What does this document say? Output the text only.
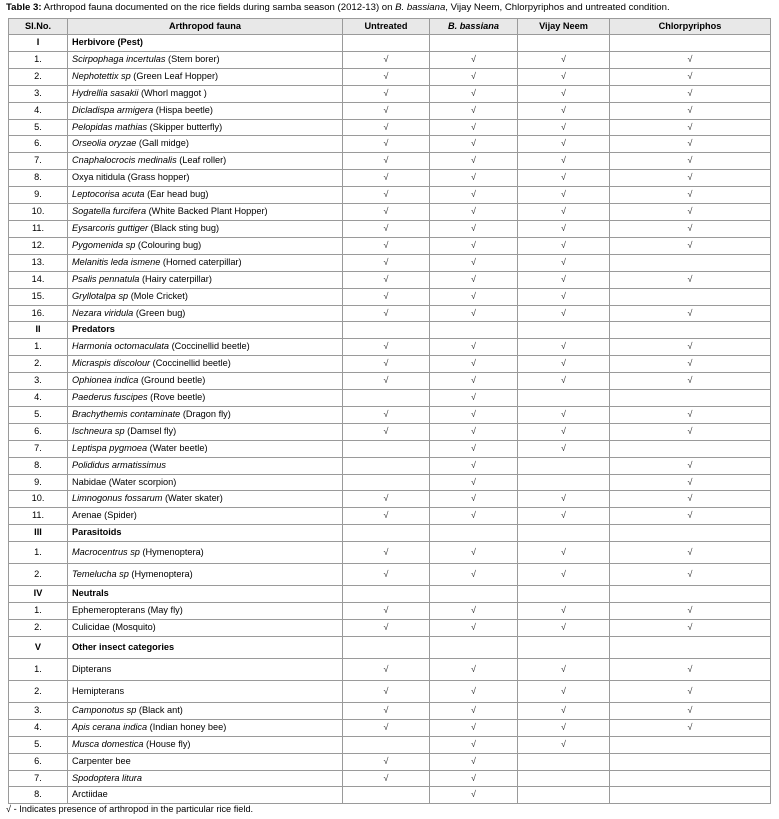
Table 3: Arthropod fauna documented on the rice fields during samba season (2012-13) on B. bassiana, Vijay Neem, Chlorpyriphos and untreated condition.
Sl.No.	Arthropod fauna	Untreated	B. bassiana	Vijay Neem	Chlorpyriphos
I	Herbivore (Pest)				
1.	Scirpophaga incertulas (Stem borer)	√	√	√	√
2.	Nephotettix sp (Green Leaf Hopper)	√	√	√	√
3.	Hydrellia sasakii (Whorl maggot )	√	√	√	√
4.	Dicladispa armigera (Hispa beetle)	√	√	√	√
5.	Pelopidas mathias (Skipper butterfly)	√	√	√	√
6.	Orseolia oryzae (Gall midge)	√	√	√	√
7.	Cnaphalocrocis medinalis (Leaf roller)	√	√	√	√
8.	Oxya nitidula (Grass hopper)	√	√	√	√
9.	Leptocorisa acuta (Ear head bug)	√	√	√	√
10.	Sogatella furcifera (White Backed Plant Hopper)	√	√	√	√
11.	Eysarcoris guttiger (Black sting bug)	√	√	√	√
12.	Pygomenida sp (Colouring bug)	√	√	√	√
13.	Melanitis leda ismene (Horned caterpillar)	√	√	√	
14.	Psalis pennatula (Hairy caterpillar)	√	√	√	√
15.	Gryllotalpa sp (Mole Cricket)	√	√	√	
16.	Nezara viridula (Green bug)	√	√	√	√
II	Predators				
1.	Harmonia octomaculata (Coccinellid beetle)	√	√	√	√
2.	Micraspis discolour (Coccinellid beetle)	√	√	√	√
3.	Ophionea indica (Ground beetle)	√	√	√	√
4.	Paederus fuscipes (Rove beetle)		√		
5.	Brachythemis contaminate (Dragon fly)	√	√	√	√
6.	Ischneura sp (Damsel fly)	√	√	√	√
7.	Leptispa pygmoea (Water beetle)		√	√	
8.	Polididus armatissimus		√		√
9.	Nabidae (Water scorpion)		√		√
10.	Limnogonus fossarum (Water skater)	√	√	√	√
11.	Arenae (Spider)	√	√	√	√
III	Parasitoids				
1.	Macrocentrus sp (Hymenoptera)	√	√	√	√
2.	Temelucha sp (Hymenoptera)	√	√	√	√
IV	Neutrals				
1.	Ephemeropterans (May fly)	√	√	√	√
2.	Culicidae (Mosquito)	√	√	√	√
V	Other insect categories				
1.	Dipterans	√	√	√	√
2.	Hemipterans	√	√	√	√
3.	Camponotus sp (Black ant)	√	√	√	√
4.	Apis cerana indica (Indian honey bee)	√	√	√	√
5.	Musca domestica (House fly)		√	√	
6.	Carpenter bee	√	√		
7.	Spodoptera litura	√	√		
8.	Arctiidae		√		
√ - Indicates presence of arthropod in the particular rice field.
